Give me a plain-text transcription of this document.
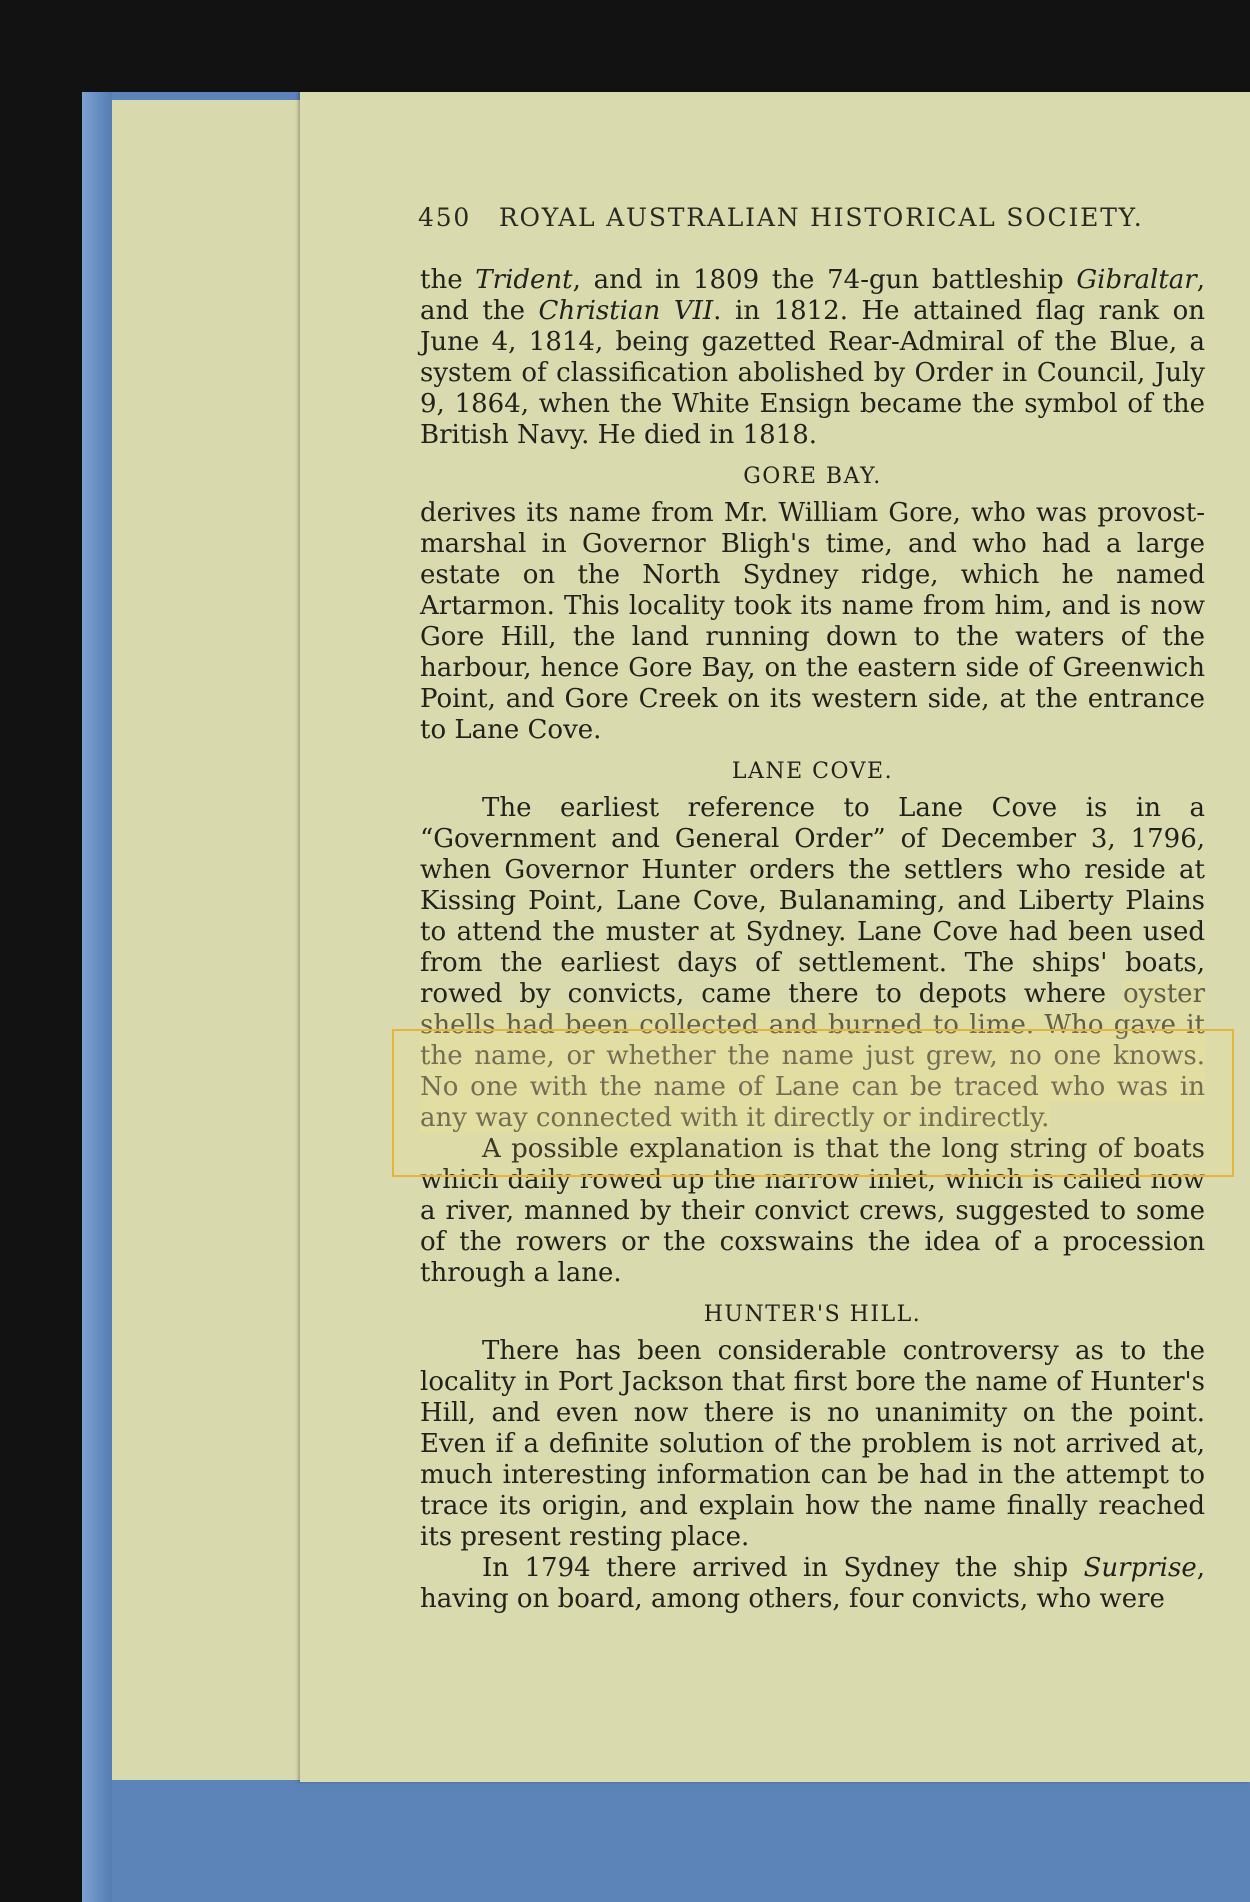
450 ROYAL AUSTRALIAN HISTORICAL SOCIETY.

the Trident, and in 1809 the 74-gun battleship Gibraltar, and the Christian VII. in 1812. He attained flag rank on June 4, 1814, being gazetted Rear-Admiral of the Blue, a system of classification abolished by Order in Council, July 9, 1864, when the White Ensign became the symbol of the British Navy. He died in 1818.

GORE BAY.

derives its name from Mr. William Gore, who was provost-marshal in Governor Bligh's time, and who had a large estate on the North Sydney ridge, which he named Artarmon. This locality took its name from him, and is now Gore Hill, the land running down to the waters of the harbour, hence Gore Bay, on the eastern side of Greenwich Point, and Gore Creek on its western side, at the entrance to Lane Cove.

LANE COVE.

The earliest reference to Lane Cove is in a “Government and General Order” of December 3, 1796, when Governor Hunter orders the settlers who reside at Kissing Point, Lane Cove, Bulanaming, and Liberty Plains to attend the muster at Sydney. Lane Cove had been used from the earliest days of settlement. The ships' boats, rowed by convicts, came there to depots where oyster shells had been collected and burned to lime. Who gave it the name, or whether the name just grew, no one knows. No one with the name of Lane can be traced who was in any way connected with it directly or indirectly.

A possible explanation is that the long string of boats which daily rowed up the narrow inlet, which is called now a river, manned by their convict crews, suggested to some of the rowers or the coxswains the idea of a procession through a lane.

HUNTER'S HILL.

There has been considerable controversy as to the locality in Port Jackson that first bore the name of Hunter's Hill, and even now there is no unanimity on the point. Even if a definite solution of the problem is not arrived at, much interesting information can be had in the attempt to trace its origin, and explain how the name finally reached its present resting place.

In 1794 there arrived in Sydney the ship Surprise, having on board, among others, four convicts, who were
